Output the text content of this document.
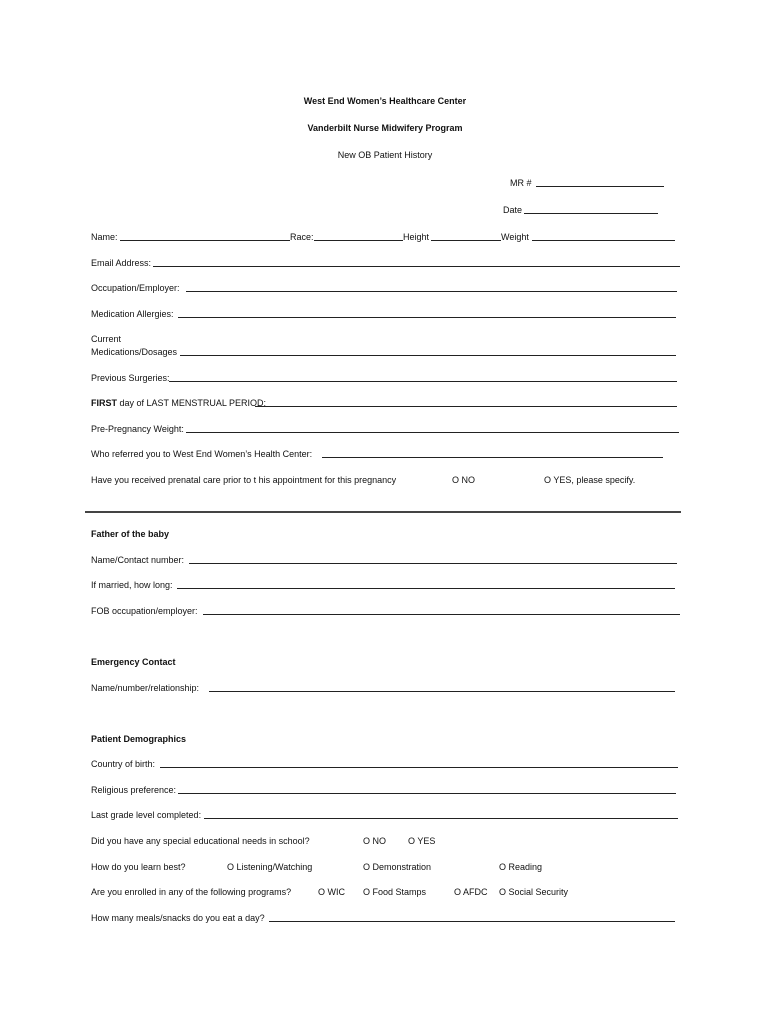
West End Women’s Healthcare Center
Vanderbilt Nurse Midwifery Program
New OB Patient History
MR #
Date
Name:	Race:	Height	Weight
Email Address:
Occupation/Employer:
Medication Allergies:
Current
Medications/Dosages
Previous Surgeries:
FIRST day of LAST MENSTRUAL PERIOD:
Pre-Pregnancy Weight:
Who referred you to West End Women’s Health Center:
Have you received prenatal care prior to t his appointment for this pregnancy	O NO	O YES, please specify.
Father of the baby
Name/Contact number:
If married, how long:
FOB occupation/employer:
Emergency Contact
Name/number/relationship:
Patient Demographics
Country of birth:
Religious preference:
Last grade level completed:
Did you have any special educational needs in school?	O NO O YES
How do you learn best?	O Listening/Watching	O Demonstration	O Reading
Are you enrolled in any of the following programs?	O WIC O Food Stamps	O AFDC O Social Security
How many meals/snacks do you eat a day?
